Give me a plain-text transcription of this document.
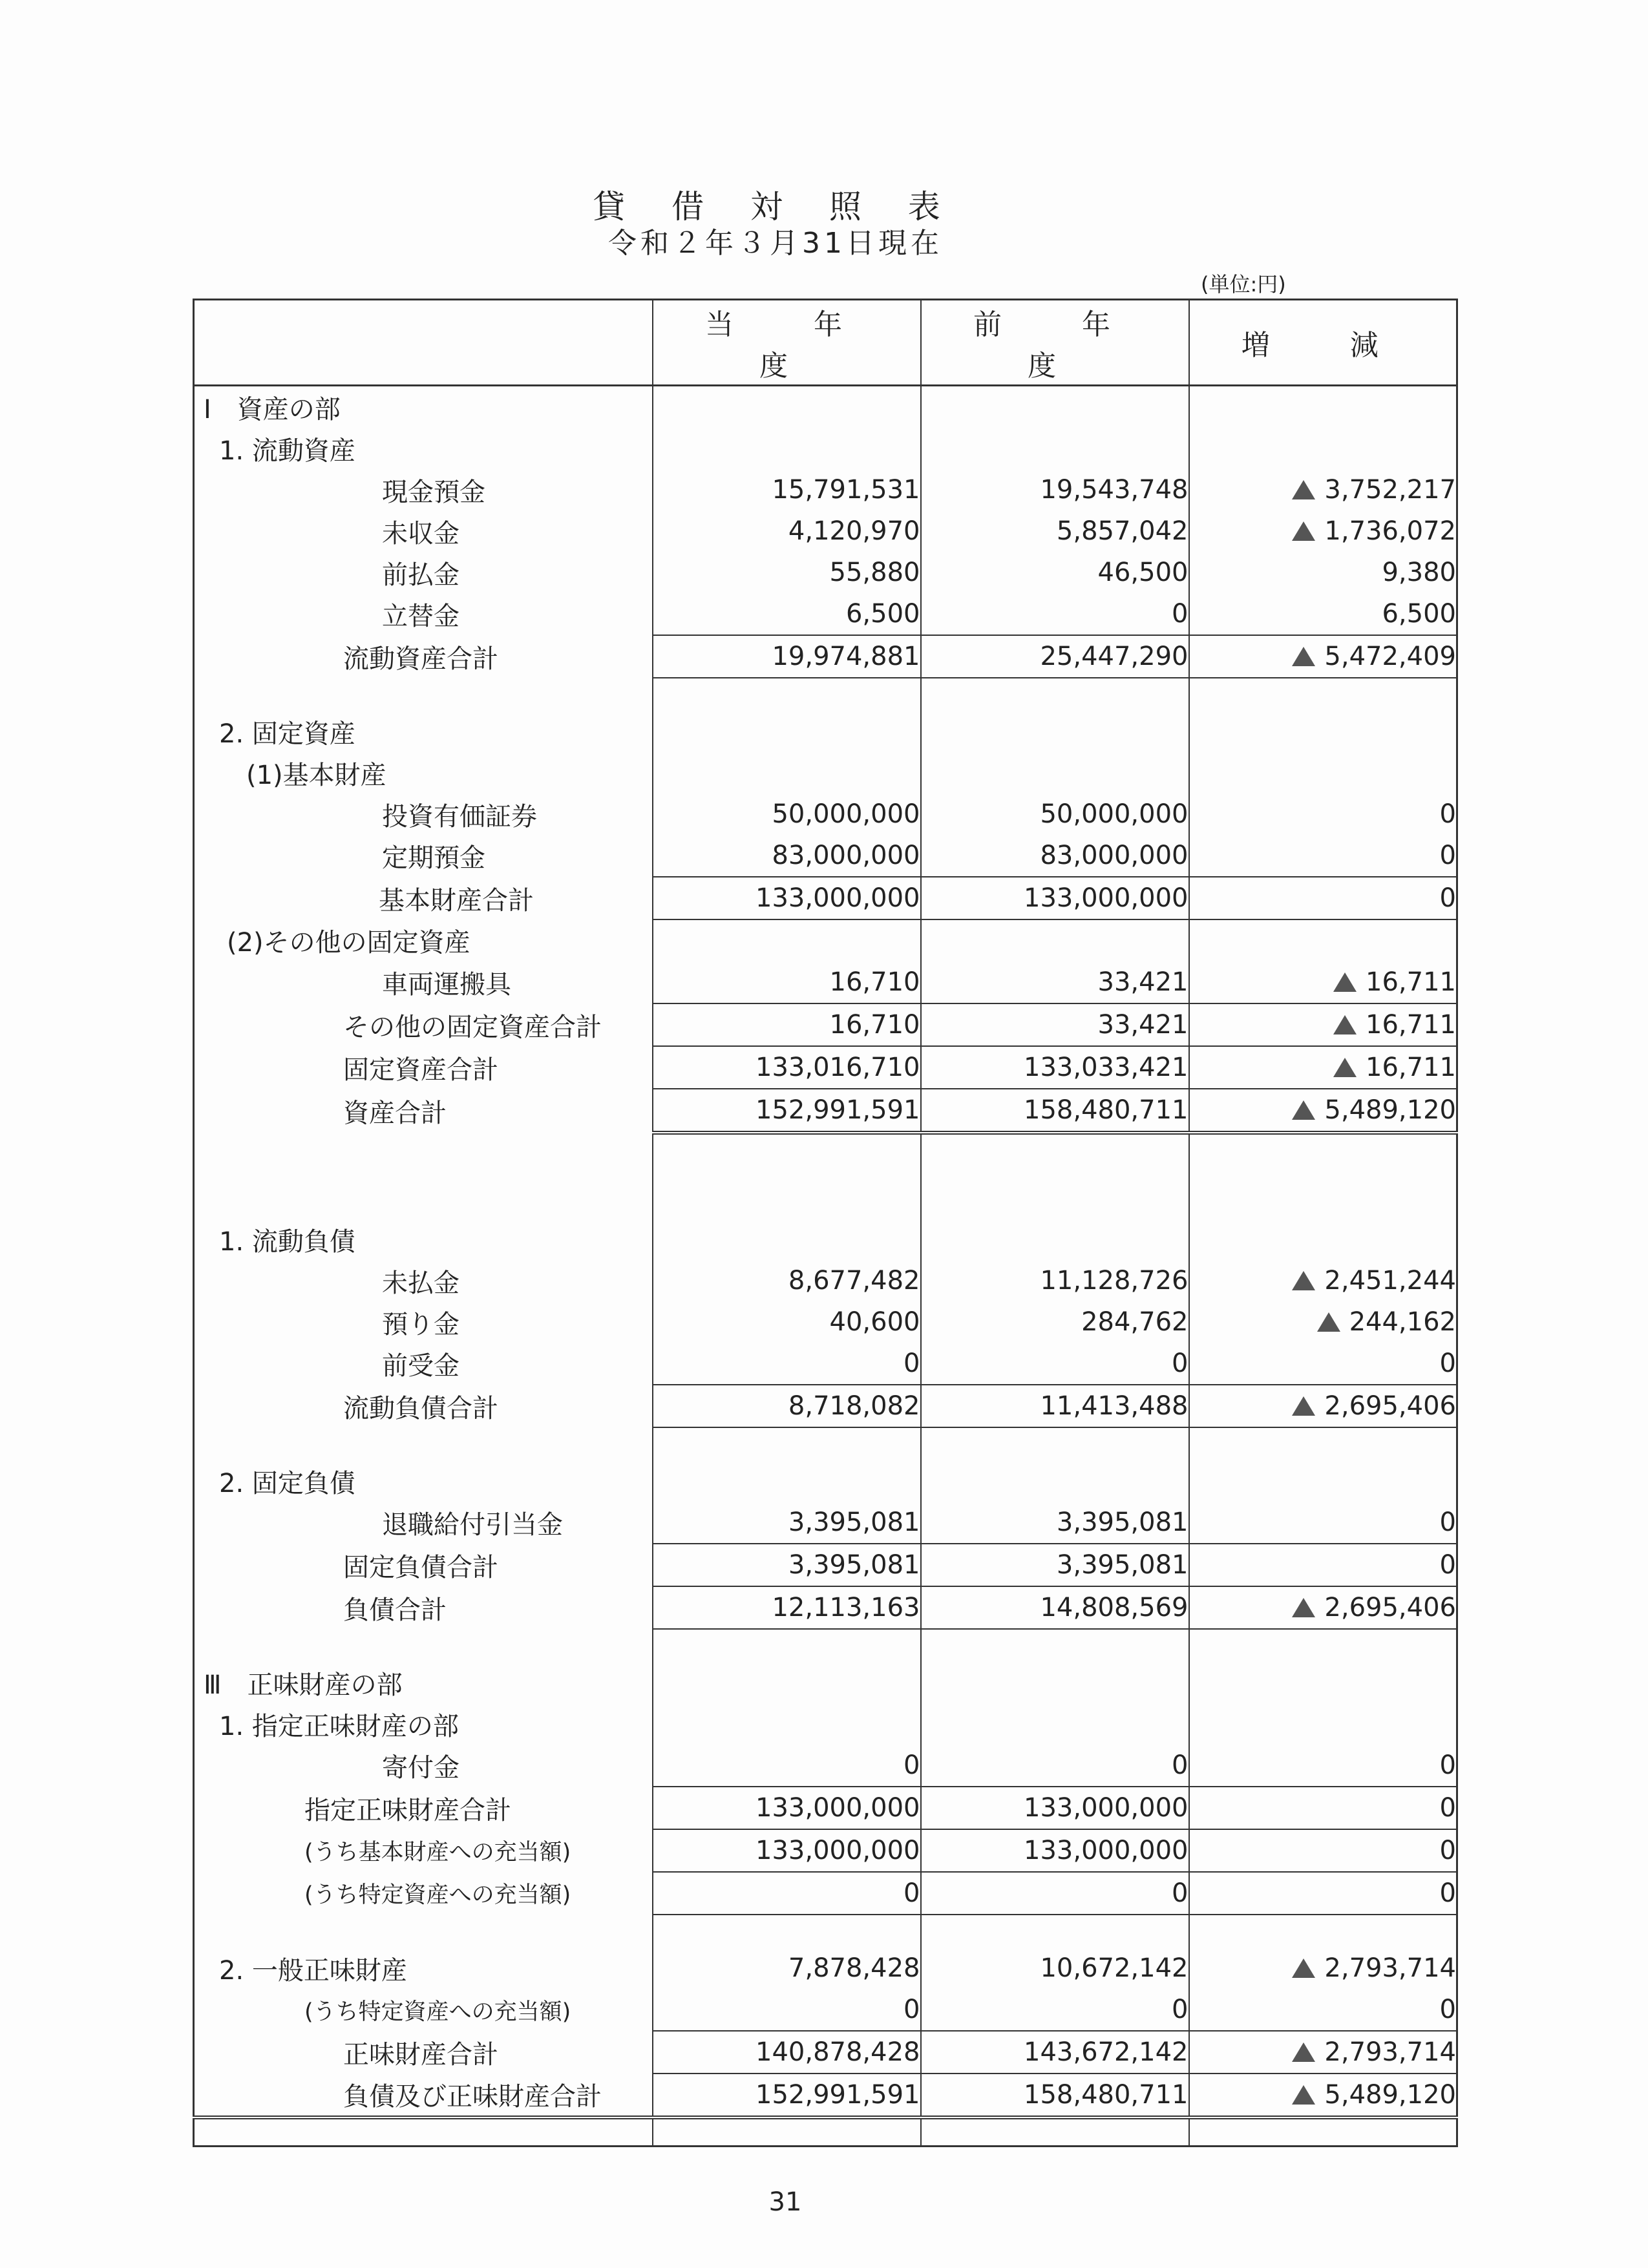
貸 借 対 照 表
令和２年３月31日現在
(単位:円)
	当　年　度	前　年　度	増　減
Ⅰ　資産の部			
1. 流動資産			
現金預金	15,791,531	19,543,748	3,752,217
未収金	4,120,970	5,857,042	1,736,072
前払金	55,880	46,500	9,380
立替金	6,500	0	6,500
流動資産合計	19,974,881	25,447,290	5,472,409

2. 固定資産			
(1)基本財産			
投資有価証券	50,000,000	50,000,000	0
定期預金	83,000,000	83,000,000	0
基本財産合計	133,000,000	133,000,000	0
(2)その他の固定資産			
車両運搬具	16,710	33,421	16,711
その他の固定資産合計	16,710	33,421	16,711
固定資産合計	133,016,710	133,033,421	16,711
資産合計	152,991,591	158,480,711	5,489,120

1. 流動負債			
未払金	8,677,482	11,128,726	2,451,244
預り金	40,600	284,762	244,162
前受金	0	0	0
流動負債合計	8,718,082	11,413,488	2,695,406

2. 固定負債			
退職給付引当金	3,395,081	3,395,081	0
固定負債合計	3,395,081	3,395,081	0
負債合計	12,113,163	14,808,569	2,695,406

Ⅲ　正味財産の部			
1. 指定正味財産の部			
寄付金	0	0	0
指定正味財産合計	133,000,000	133,000,000	0
(うち基本財産への充当額)	133,000,000	133,000,000	0
(うち特定資産への充当額)	0	0	0

2. 一般正味財産	7,878,428	10,672,142	2,793,714
(うち特定資産への充当額)	0	0	0
正味財産合計	140,878,428	143,672,142	2,793,714
負債及び正味財産合計	152,991,591	158,480,711	5,489,120

31
